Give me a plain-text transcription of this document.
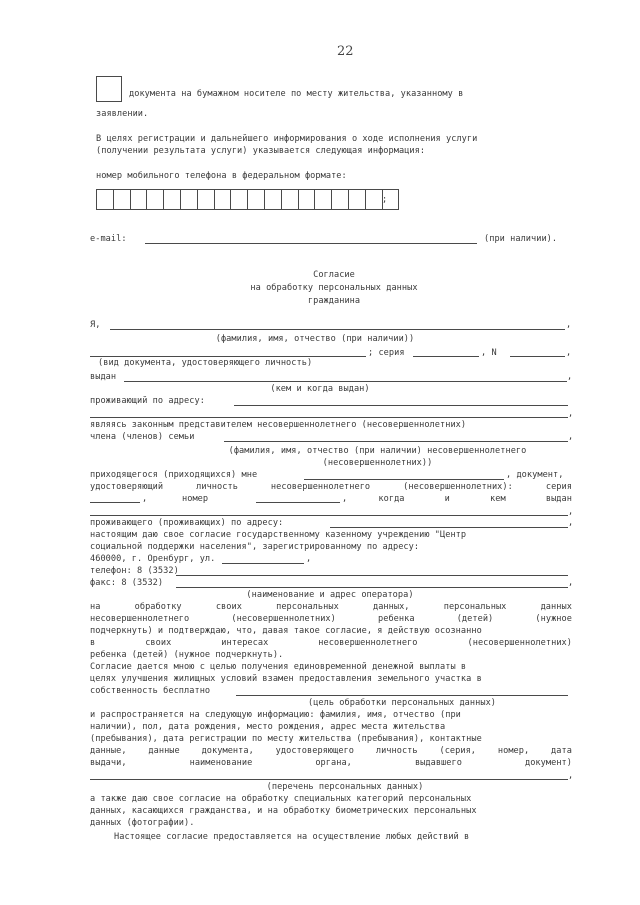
22
документа на бумажном носителе по месту жительства, указанному в
заявлении.
В целях регистрации и дальнейшего информирования о ходе исполнения услуги
(получении результата услуги) указывается следующая информация:
номер мобильного телефона в федеральном формате:
;
e-mail:	(при наличии).
Согласие
на обработку персональных данных
гражданина
Я,	,
(фамилия, имя, отчество (при наличии))
; серия	, N	,
(вид документа, удостоверяющего личность)
выдан	,
(кем и когда выдан)
проживающий по адресу:
,
являясь законным представителем несовершеннолетнего (несовершеннолетних)
члена (членов) семьи	,
(фамилия, имя, отчество (при наличии) несовершеннолетнего
(несовершеннолетних))
приходящегося (приходящихся) мне	, документ,
удостоверяющий	личность	несовершеннолетнего	(несовершеннолетних):	серия
,	номер	когда	и	кем	выдан
,
,
проживающего (проживающих) по адресу:	,
настоящим даю свое согласие государственному казенному учреждению "Центр
социальной поддержки населения", зарегистрированному по адресу:
460000, г. Оренбург, ул.	,
телефон: 8 (3532)
факс: 8 (3532)	,
(наименование и адрес оператора)
на	обработку	своих	персональных	данных,	персональных	данных
несовершеннолетнего	(несовершеннолетних)	ребенка	(детей)	(нужное
подчеркнуть) и подтверждаю, что, давая такое согласие, я действую осознанно
в	своих	интересах	несовершеннолетнего	(несовершеннолетних)
ребенка (детей) (нужное подчеркнуть).
Согласие дается мною с целью получения единовременной денежной выплаты в
целях улучшения жилищных условий взамен предоставления земельного участка в
собственность бесплатно
(цель обработки персональных данных)
и распространяется на следующую информацию: фамилия, имя, отчество (при
наличии), пол, дата рождения, место рождения, адрес места жительства
(пребывания), дата регистрации по месту жительства (пребывания), контактные
данные,	данные	документа,	удостоверяющего	личность	(серия,	номер,	дата
выдачи,	наименование	органа,	выдавшего	документ)
,
(перечень персональных данных)
а также даю свое согласие на обработку специальных категорий персональных
данных, касающихся гражданства, и на обработку биометрических персональных
данных (фотографии).
Настоящее согласие предоставляется на осуществление любых действий в
